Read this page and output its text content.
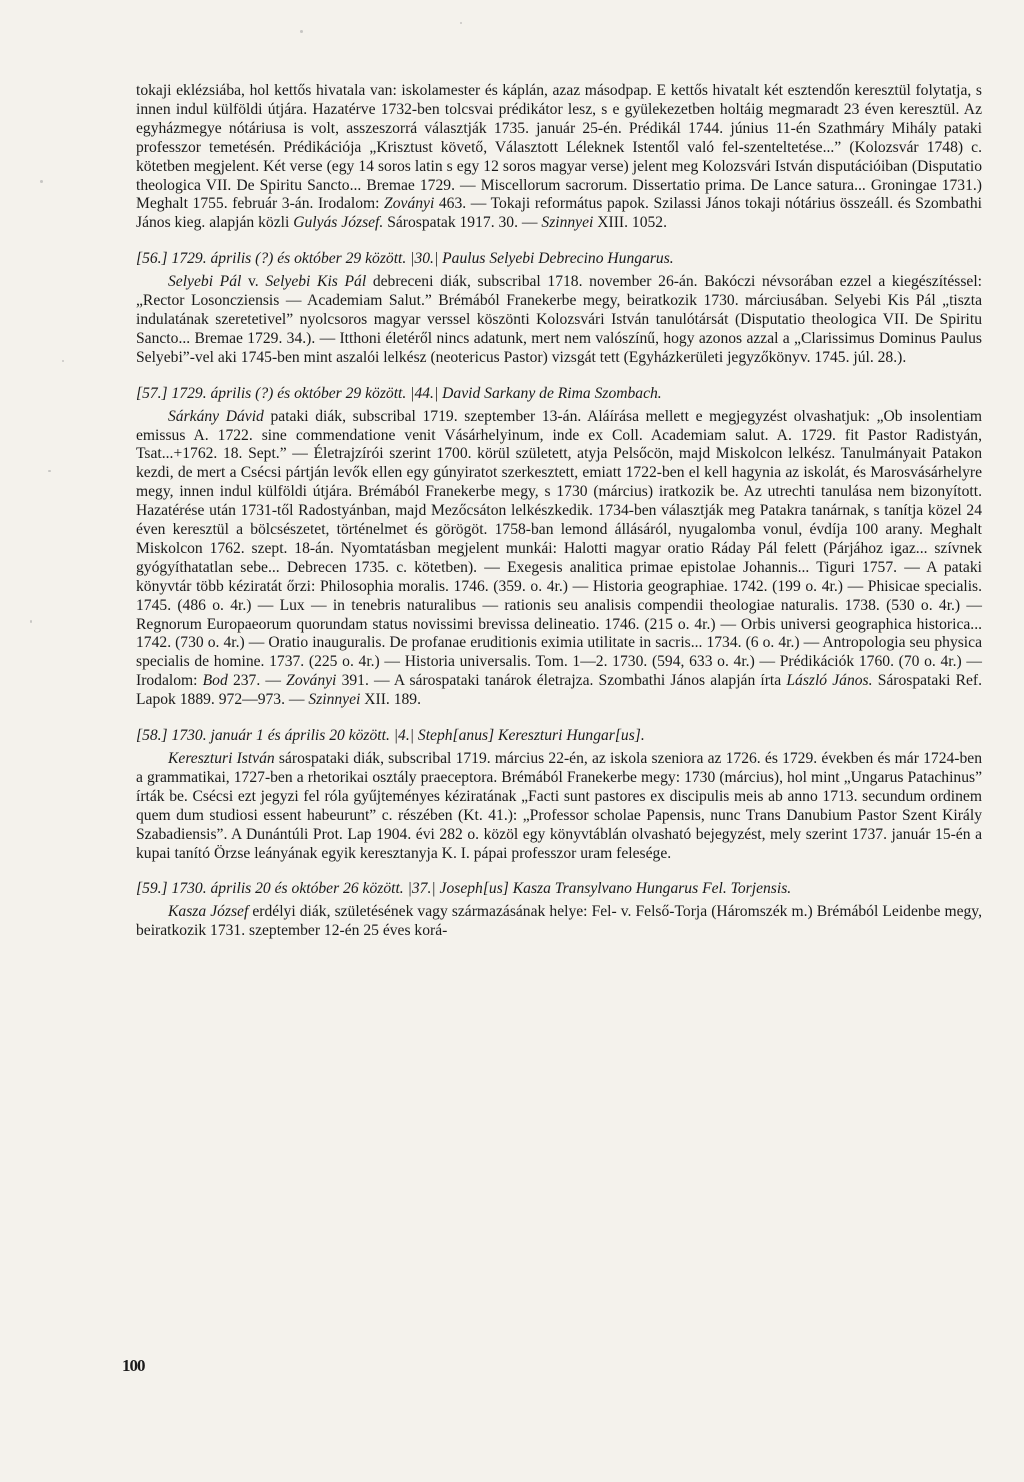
tokaji eklézsiába, hol kettős hivatala van: iskolamester és káplán, azaz másodpap. E kettős hivatalt két esztendőn keresztül folytatja, s innen indul külföldi útjára. Hazatérve 1732-ben tolcsvai prédikátor lesz, s e gyülekezetben holtáig megmaradt 23 éven keresztül. Az egyházmegye nótáriusa is volt, asszeszorrá választják 1735. január 25-én. Prédikál 1744. június 11-én Szathmáry Mihály pataki professzor temetésén. Prédikációja „Krisztust követő, Választott Léleknek Istentől való fel-szenteltetése...” (Kolozsvár 1748) c. kötetben megjelent. Két verse (egy 14 soros latin s egy 12 soros magyar verse) jelent meg Kolozsvári István disputációiban (Disputatio theologica VII. De Spiritu Sancto... Bremae 1729. — Miscellorum sacrorum. Dissertatio prima. De Lance satura... Groningae 1731.) Meghalt 1755. február 3-án. Irodalom: Zoványi 463. — Tokaji református papok. Szilassi János tokaji nótárius összeáll. és Szombathi János kieg. alapján közli Gulyás József. Sárospatak 1917. 30. — Szinnyei XIII. 1052.

[56.] 1729. április (?) és október 29 között. |30.| Paulus Selyebi Debrecino Hungarus.

Selyebi Pál v. Selyebi Kis Pál debreceni diák, subscribal 1718. november 26-án. Bakóczi névsorában ezzel a kiegészítéssel: „Rector Losoncziensis — Academiam Salut.” Brémából Franekerbe megy, beiratkozik 1730. márciusában. Selyebi Kis Pál „tiszta indulatának szeretetivel” nyolcsoros magyar verssel köszönti Kolozsvári István tanulótársát (Disputatio theologica VII. De Spiritu Sancto... Bremae 1729. 34.). — Itthoni életéről nincs adatunk, mert nem valószínű, hogy azonos azzal a „Clarissimus Dominus Paulus Selyebi”-vel aki 1745-ben mint aszalói lelkész (neotericus Pastor) vizsgát tett (Egyházkerületi jegyzőkönyv. 1745. júl. 28.).

[57.] 1729. április (?) és október 29 között. |44.| David Sarkany de Rima Szombach.

Sárkány Dávid pataki diák, subscribal 1719. szeptember 13-án. Aláírása mellett e megjegyzést olvashatjuk: „Ob insolentiam emissus A. 1722. sine commendatione venit Vásárhelyinum, inde ex Coll. Academiam salut. A. 1729. fit Pastor Radistyán, Tsat...+1762. 18. Sept.” — Életrajzírói szerint 1700. körül született, atyja Pelsőcön, majd Miskolcon lelkész. Tanulmányait Patakon kezdi, de mert a Csécsi pártján levők ellen egy gúnyiratot szerkesztett, emiatt 1722-ben el kell hagynia az iskolát, és Marosvásárhelyre megy, innen indul külföldi útjára. Brémából Franekerbe megy, s 1730 (március) iratkozik be. Az utrechti tanulása nem bizonyított. Hazatérése után 1731-től Radostyánban, majd Mezőcsáton lelkészkedik. 1734-ben választják meg Patakra tanárnak, s tanítja közel 24 éven keresztül a bölcsészetet, történelmet és görögöt. 1758-ban lemond állásáról, nyugalomba vonul, évdíja 100 arany. Meghalt Miskolcon 1762. szept. 18-án. Nyomtatásban megjelent munkái: Halotti magyar oratio Ráday Pál felett (Párjához igaz... szívnek gyógyíthatatlan sebe... Debrecen 1735. c. kötetben). — Exegesis analitica primae epistolae Johannis... Tiguri 1757. — A pataki könyvtár több kéziratát őrzi: Philosophia moralis. 1746. (359. o. 4r.) — Historia geographiae. 1742. (199 o. 4r.) — Phisicae specialis. 1745. (486 o. 4r.) — Lux — in tenebris naturalibus — rationis seu analisis compendii theologiae naturalis. 1738. (530 o. 4r.) — Regnorum Europaeorum quorundam status novissimi brevissa delineatio. 1746. (215 o. 4r.) — Orbis universi geographica historica... 1742. (730 o. 4r.) — Oratio inauguralis. De profanae eruditionis eximia utilitate in sacris... 1734. (6 o. 4r.) — Antropologia seu physica specialis de homine. 1737. (225 o. 4r.) — Historia universalis. Tom. 1—2. 1730. (594, 633 o. 4r.) — Prédikációk 1760. (70 o. 4r.) — Irodalom: Bod 237. — Zoványi 391. — A sárospataki tanárok életrajza. Szombathi János alapján írta László János. Sárospataki Ref. Lapok 1889. 972—973. — Szinnyei XII. 189.

[58.] 1730. január 1 és április 20 között. |4.| Steph[anus] Kereszturi Hungar[us].

Kereszturi István sárospataki diák, subscribal 1719. március 22-én, az iskola szeniora az 1726. és 1729. években és már 1724-ben a grammatikai, 1727-ben a rhetorikai osztály praeceptora. Brémából Franekerbe megy: 1730 (március), hol mint „Ungarus Patachinus” írták be. Csécsi ezt jegyzi fel róla gyűjteményes kéziratának „Facti sunt pastores ex discipulis meis ab anno 1713. secundum ordinem quem dum studiosi essent habeurunt” c. részében (Kt. 41.): „Professor scholae Papensis, nunc Trans Danubium Pastor Szent Király Szabadiensis”. A Dunántúli Prot. Lap 1904. évi 282 o. közöl egy könyvtáblán olvasható bejegyzést, mely szerint 1737. január 15-én a kupai tanító Örzse leányának egyik keresztanyja K. I. pápai professzor uram felesége.

[59.] 1730. április 20 és október 26 között. |37.| Joseph[us] Kasza Transylvano Hungarus Fel. Torjensis.

Kasza József erdélyi diák, születésének vagy származásának helye: Fel- v. Felső-Torja (Háromszék m.) Brémából Leidenbe megy, beiratkozik 1731. szeptember 12-én 25 éves korá-

100
